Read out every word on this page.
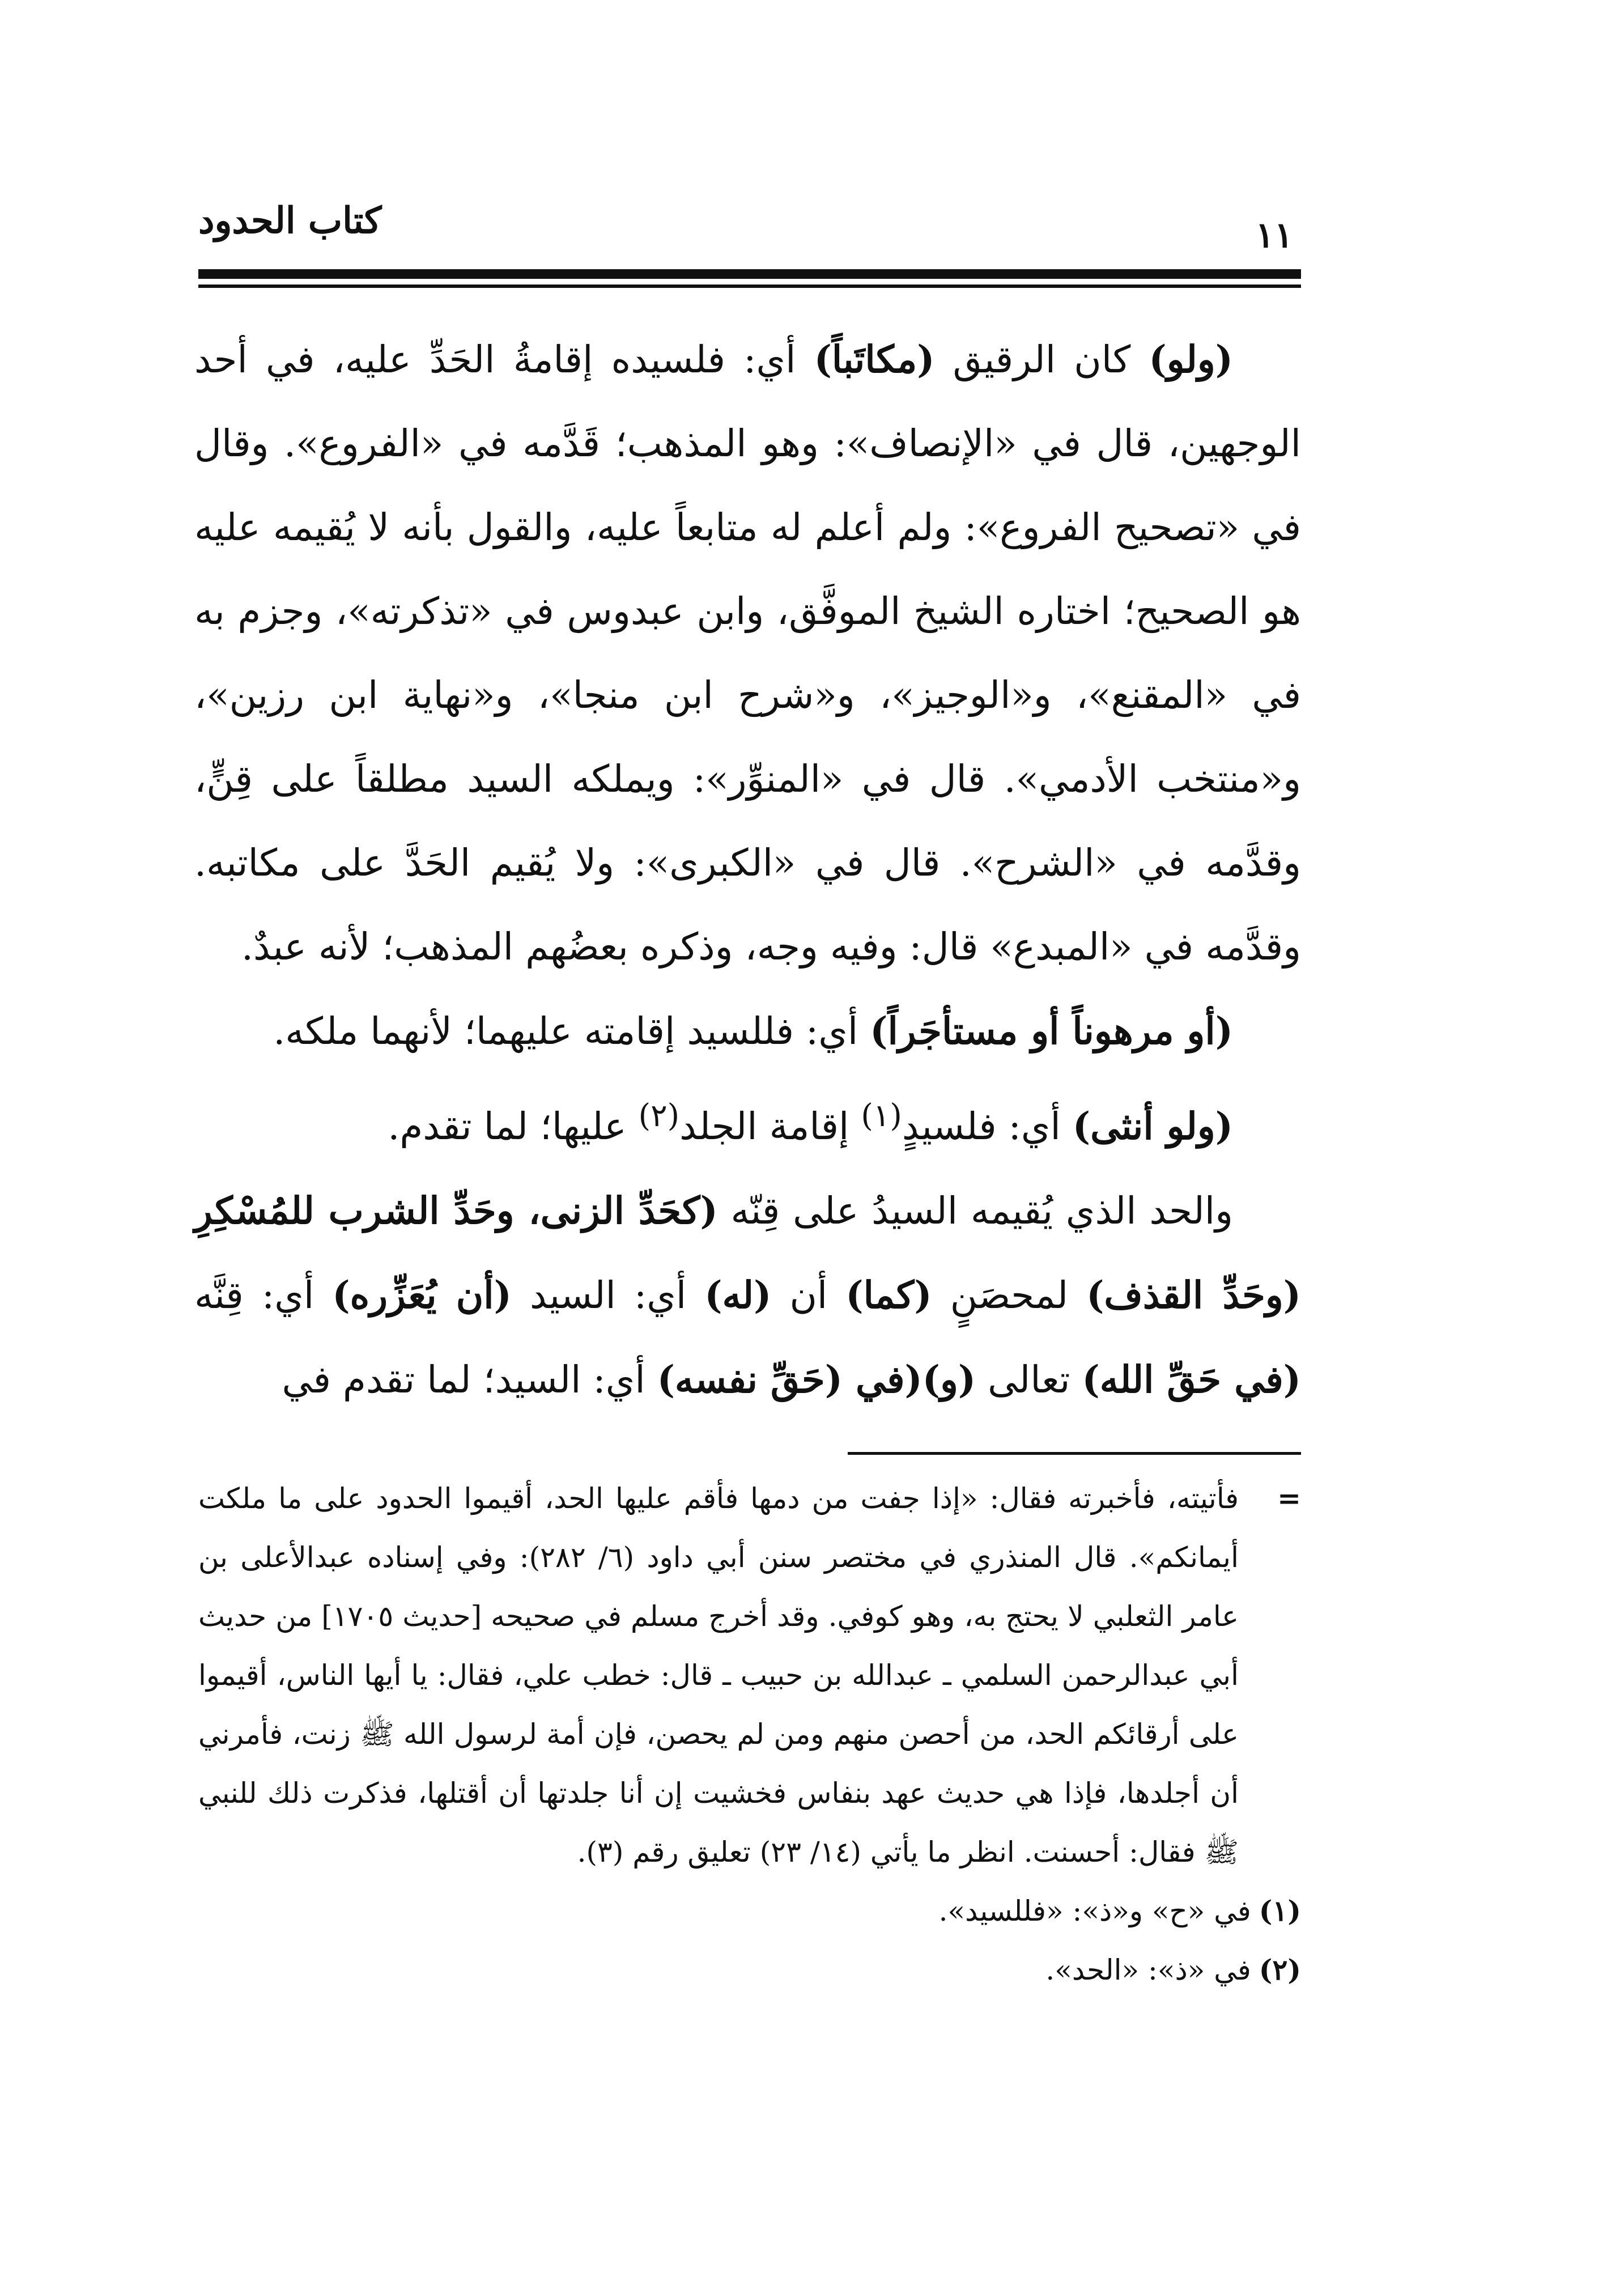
كتاب الحدود	١١

(ولو) كان الرقيق (مكاتَباً) أي: فلسيده إقامةُ الحَدِّ عليه، في أحد الوجهين، قال في «الإنصاف»: وهو المذهب؛ قَدَّمه في «الفروع». وقال في «تصحيح الفروع»: ولم أعلم له متابعاً عليه، والقول بأنه لا يُقيمه عليه هو الصحيح؛ اختاره الشيخ الموفَّق، وابن عبدوس في «تذكرته»، وجزم به في «المقنع»، و«الوجيز»، و«شرح ابن منجا»، و«نهاية ابن رزين»، و«منتخب الأدمي». قال في «المنوِّر»: ويملكه السيد مطلقاً على قِنٍّ، وقدَّمه في «الشرح». قال في «الكبرى»: ولا يُقيم الحَدَّ على مكاتبه. وقدَّمه في «المبدع» قال: وفيه وجه، وذكره بعضُهم المذهب؛ لأنه عبدٌ.

(أو مرهوناً أو مستأجَراً) أي: فللسيد إقامته عليهما؛ لأنهما ملكه.

(ولو أنثى) أي: فلسيدٍ$^{(١)}$ إقامة الجلد$^{(٢)}$ عليها؛ لما تقدم.

والحد الذي يُقيمه السيدُ على قِنّه (كحَدِّ الزنى، وحَدِّ الشرب للمُسْكِرِ (وحَدِّ القذف) لمحصَنٍ (كما) أن (له) أي: السيد (أن يُعَزِّره) أي: قِنَّه (في حَقِّ الله) تعالى (و)(في (حَقِّ نفسه) أي: السيد؛ لما تقدم في

=
فأتيته، فأخبرته فقال: «إذا جفت من دمها فأقم عليها الحد، أقيموا الحدود على ما ملكت أيمانكم». قال المنذري في مختصر سنن أبي داود (٦/ ٢٨٢): وفي إسناده عبدالأعلى بن عامر الثعلبي لا يحتج به، وهو كوفي. وقد أخرج مسلم في صحيحه [حديث ١٧٠٥] من حديث أبي عبدالرحمن السلمي ـ عبدالله بن حبيب ـ قال: خطب علي، فقال: يا أيها الناس، أقيموا على أرقائكم الحد، من أحصن منهم ومن لم يحصن، فإن أمة لرسول الله ﷺ زنت، فأمرني أن أجلدها، فإذا هي حديث عهد بنفاس فخشيت إن أنا جلدتها أن أقتلها، فذكرت ذلك للنبي ﷺ فقال: أحسنت. انظر ما يأتي (١٤/ ٢٣) تعليق رقم (٣).

(١)في «ح» و«ذ»: «فللسيد».

(٢)في «ذ»: «الحد».
